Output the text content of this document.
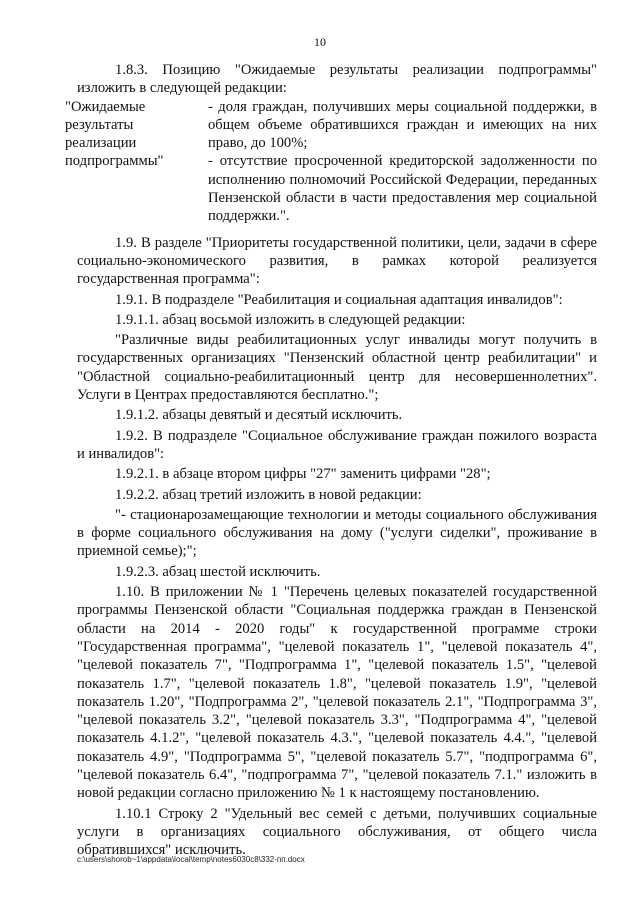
10

1.8.3. Позицию "Ожидаемые результаты реализации подпрограммы" изложить в следующей редакции:

"Ожидаемые результаты реализации подпрограммы"

- доля граждан, получивших меры социальной поддержки, в общем объеме обратившихся граждан и имеющих на них право, до 100%;

- отсутствие просроченной кредиторской задолженности по исполнению полномочий Российской Федерации, переданных Пензенской области в части предоставления мер социальной поддержки.".

1.9. В разделе "Приоритеты государственной политики, цели, задачи в сфере социально-экономического развития, в рамках которой реализуется государственная программа":

1.9.1. В подразделе "Реабилитация и социальная адаптация инвалидов":

1.9.1.1. абзац восьмой изложить в следующей редакции:

"Различные виды реабилитационных услуг инвалиды могут получить в государственных организациях "Пензенский областной центр реабилитации" и "Областной социально-реабилитационный центр для несовершеннолетних". Услуги в Центрах предоставляются бесплатно.";

1.9.1.2. абзацы девятый и десятый исключить.

1.9.2. В подразделе "Социальное обслуживание граждан пожилого возраста и инвалидов":

1.9.2.1. в абзаце втором цифры "27" заменить цифрами "28";

1.9.2.2. абзац третий изложить в новой редакции:

"- стационарозамещающие технологии и методы социального обслуживания в форме социального обслуживания на дому ("услуги сиделки", проживание в приемной семье);";

1.9.2.3. абзац шестой исключить.

1.10. В приложении № 1 "Перечень целевых показателей государственной программы Пензенской области "Социальная поддержка граждан в Пензенской области на 2014 - 2020 годы" к государственной программе строки "Государственная программа", "целевой показатель 1", "целевой показатель 4", "целевой показатель 7", "Подпрограмма 1", "целевой показатель 1.5", "целевой показатель 1.7", "целевой показатель 1.8", "целевой показатель 1.9", "целевой показатель 1.20", "Подпрограмма 2", "целевой показатель 2.1", "Подпрограмма 3", "целевой показатель 3.2", "целевой показатель 3.3", "Подпрограмма 4", "целевой показатель 4.1.2", "целевой показатель 4.3.", "целевой показатель 4.4.", "целевой показатель 4.9", "Подпрограмма 5", "целевой показатель 5.7", "подпрограмма 6", "целевой показатель 6.4", "подпрограмма 7", "целевой показатель 7.1." изложить в новой редакции согласно приложению № 1 к настоящему постановлению.

1.10.1 Строку 2 "Удельный вес семей с детьми, получивших социальные услуги в организациях социального обслуживания, от общего числа обратившихся" исключить.

c:\users\shorob~1\appdata\local\temp\notes6030c8\332-пп.docx
